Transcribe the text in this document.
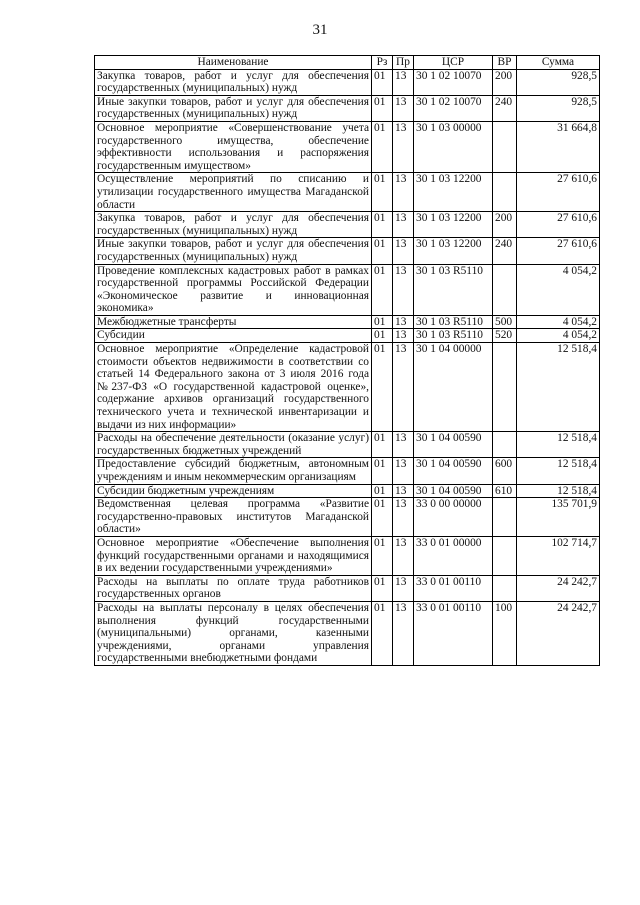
31
Наименование	Рз	Пр	ЦСР	ВР	Сумма
Закупка товаров, работ и услуг для обеспечения государственных (муниципальных) нужд	01	13	30 1 02 10070	200	928,5
Иные закупки товаров, работ и услуг для обеспечения государственных (муниципальных) нужд	01	13	30 1 02 10070	240	928,5
Основное мероприятие «Совершенствование учета государственного имущества, обеспечение эффективности использования и распоряжения государственным имуществом»	01	13	30 1 03 00000		31 664,8
Осуществление мероприятий по списанию и утилизации государственного имущества Магаданской области	01	13	30 1 03 12200		27 610,6
Закупка товаров, работ и услуг для обеспечения государственных (муниципальных) нужд	01	13	30 1 03 12200	200	27 610,6
Иные закупки товаров, работ и услуг для обеспечения государственных (муниципальных) нужд	01	13	30 1 03 12200	240	27 610,6
Проведение комплексных кадастровых работ в рамках государственной программы Российской Федерации «Экономическое развитие и инновационная экономика»	01	13	30 1 03 R5110		4 054,2
Межбюджетные трансферты	01	13	30 1 03 R5110	500	4 054,2
Субсидии	01	13	30 1 03 R5110	520	4 054,2
Основное мероприятие «Определение кадастровой стоимости объектов недвижимости в соответствии со статьей 14 Федерального закона от 3 июля 2016 года №237-ФЗ «О государственной кадастровой оценке», содержание архивов организаций государственного технического учета и технической инвентаризации и выдачи из них информации»	01	13	30 1 04 00000		12 518,4
Расходы на обеспечение деятельности (оказание услуг) государственных бюджетных учреждений	01	13	30 1 04 00590		12 518,4
Предоставление субсидий бюджетным, автономным учреждениям и иным некоммерческим организациям	01	13	30 1 04 00590	600	12 518,4
Субсидии бюджетным учреждениям	01	13	30 1 04 00590	610	12 518,4
Ведомственная целевая программа «Развитие государственно-правовых институтов Магаданской области»	01	13	33 0 00 00000		135 701,9
Основное мероприятие «Обеспечение выполнения функций государственными органами и находящимися в их ведении государственными учреждениями»	01	13	33 0 01 00000		102 714,7
Расходы на выплаты по оплате труда работников государственных органов	01	13	33 0 01 00110		24 242,7
Расходы на выплаты персоналу в целях обеспечения выполнения функций государственными (муниципальными) органами, казенными учреждениями, органами управления государственными внебюджетными фондами	01	13	33 0 01 00110	100	24 242,7
